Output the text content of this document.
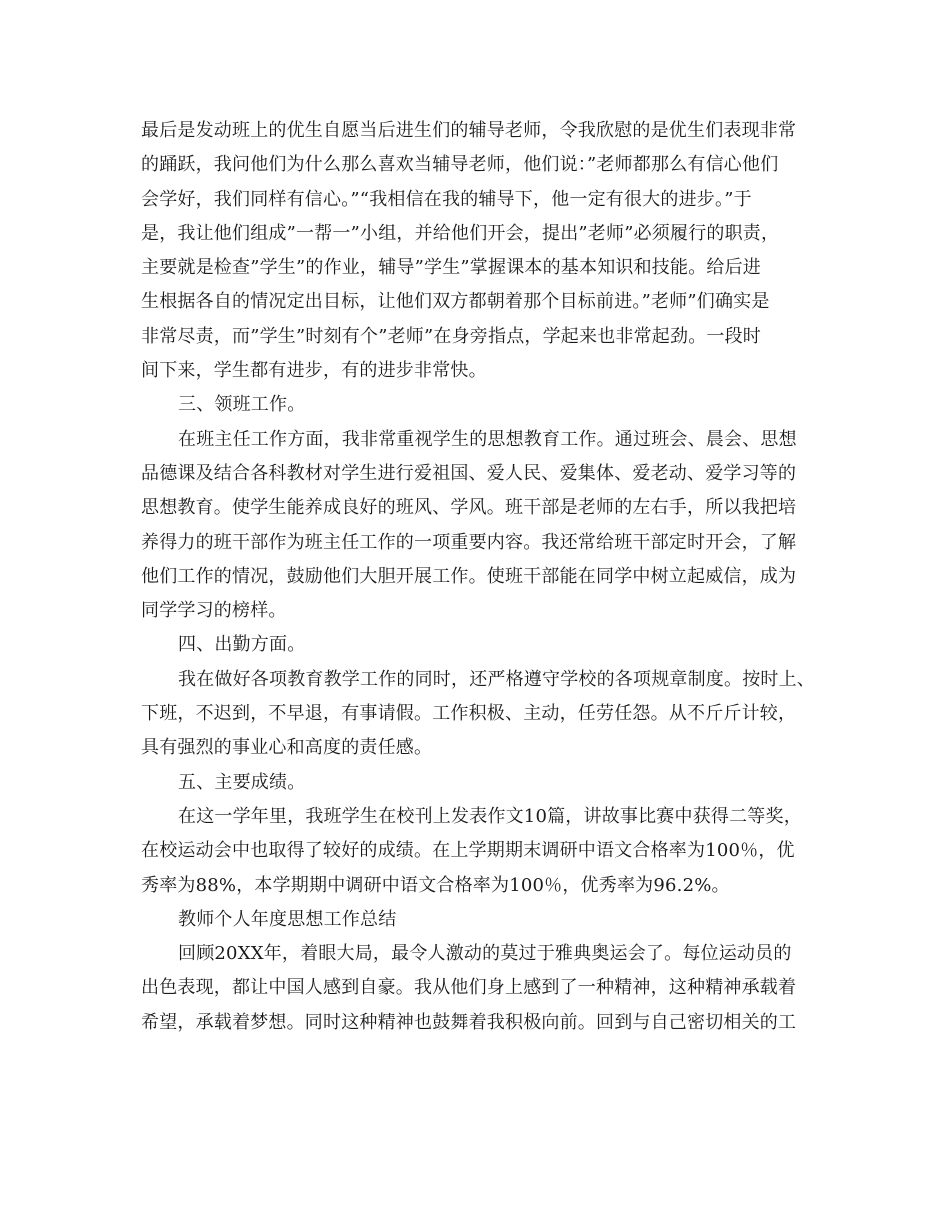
最后是发动班上的优生自愿当后进生们的辅导老师，令我欣慰的是优生们表现非常
的踊跃，我问他们为什么那么喜欢当辅导老师，他们说：”老师都那么有信心他们
会学好，我们同样有信心。”“我相信在我的辅导下，他一定有很大的进步。”于
是，我让他们组成”一帮一”小组，并给他们开会，提出”老师”必须履行的职责，
主要就是检查”学生”的作业，辅导”学生”掌握课本的基本知识和技能。给后进
生根据各自的情况定出目标，让他们双方都朝着那个目标前进。”老师”们确实是
非常尽责，而”学生”时刻有个”老师”在身旁指点，学起来也非常起劲。一段时
间下来，学生都有进步，有的进步非常快。
三、领班工作。
在班主任工作方面，我非常重视学生的思想教育工作。通过班会、晨会、思想
品德课及结合各科教材对学生进行爱祖国、爱人民、爱集体、爱老动、爱学习等的
思想教育。使学生能养成良好的班风、学风。班干部是老师的左右手，所以我把培
养得力的班干部作为班主任工作的一项重要内容。我还常给班干部定时开会，了解
他们工作的情况，鼓励他们大胆开展工作。使班干部能在同学中树立起威信，成为
同学学习的榜样。
四、出勤方面。
我在做好各项教育教学工作的同时，还严格遵守学校的各项规章制度。按时上、
下班，不迟到，不早退，有事请假。工作积极、主动，任劳任怨。从不斤斤计较，
具有强烈的事业心和高度的责任感。
五、主要成绩。
在这一学年里，我班学生在校刊上发表作文10篇，讲故事比赛中获得二等奖，
在校运动会中也取得了较好的成绩。在上学期期末调研中语文合格率为100％，优
秀率为88%，本学期期中调研中语文合格率为100％，优秀率为96.2%。
教师个人年度思想工作总结
回顾20XX年，着眼大局，最令人激动的莫过于雅典奥运会了。每位运动员的
出色表现，都让中国人感到自豪。我从他们身上感到了一种精神，这种精神承载着
希望，承载着梦想。同时这种精神也鼓舞着我积极向前。回到与自己密切相关的工
